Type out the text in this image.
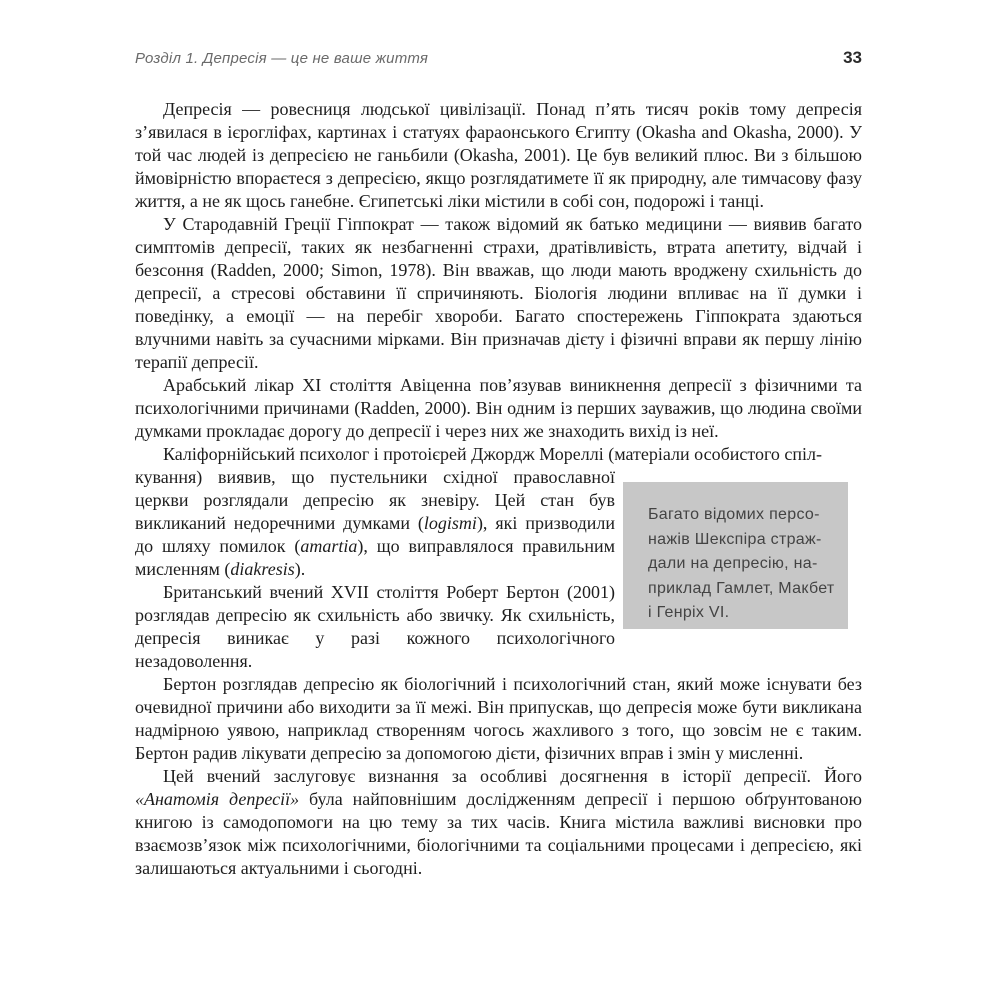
Розділ 1. Депресія — це не ваше життя	33

Депресія — ровесниця людської цивілізації. Понад п’ять тисяч років тому депресія з’явилася в ієрогліфах, картинах і статуях фараонського Єгипту (Okasha and Okasha, 2000). У той час людей із депресією не ганьбили (Okasha, 2001). Це був великий плюс. Ви з більшою ймовірністю впораєтеся з депресією, якщо розглядатимете її як природну, але тимчасову фазу життя, а не як щось ганебне. Єгипетські ліки містили в собі сон, подорожі і танці.

У Стародавній Греції Гіппократ — також відомий як батько медицини — виявив багато симптомів депресії, таких як незбагненні страхи, дратівливість, втрата апетиту, відчай і безсоння (Radden, 2000; Simon, 1978). Він вважав, що люди мають вроджену схильність до депресії, а стресові обставини її спричиняють. Біологія людини впливає на її думки і поведінку, а емоції — на перебіг хвороби. Багато спостережень Гіппократа здаються влучними навіть за сучасними мірками. Він призначав дієту і фізичні вправи як першу лінію терапії депресії.

Арабський лікар XI століття Авіценна пов’язував виникнення депресії з фізичними та психологічними причинами (Radden, 2000). Він одним із перших зауважив, що людина своїми думками прокладає дорогу до депресії і через них же знаходить вихід із неї.

Каліфорнійський психолог і протоієрей Джордж Мореллі (матеріали особистого спіл-

кування) виявив, що пустельники східної православної церкви розглядали депресію як зневіру. Цей стан був викликаний недоречними думками (logismi), які призводили до шляху помилок (amartia), що виправлялося правильним мисленням (diakresis).

Британський вчений XVII століття Роберт Бертон (2001) розглядав депресію як схильність або звичку. Як схильність, депресія виникає у разі кожного психологічного незадоволення.

Багато відомих персо-
нажів Шекспіра страж-
дали на депресію, на-
приклад Гамлет, Макбет
і Генріх VI.

Бертон розглядав депресію як біологічний і психологічний стан, який може існувати без очевидної причини або виходити за її межі. Він припускав, що депресія може бути викликана надмірною уявою, наприклад створенням чогось жахливого з того, що зовсім не є таким. Бертон радив лікувати депресію за допомогою дієти, фізичних вправ і змін у мисленні.

Цей вчений заслуговує визнання за особливі досягнення в історії депресії. Його «Анатомія депресії» була найповнішим дослідженням депресії і першою обґрунтованою книгою із самодопомоги на цю тему за тих часів. Книга містила важливі висновки про взаємозв’язок між психологічними, біологічними та соціальними процесами і депресією, які залишаються актуальними і сьогодні.
